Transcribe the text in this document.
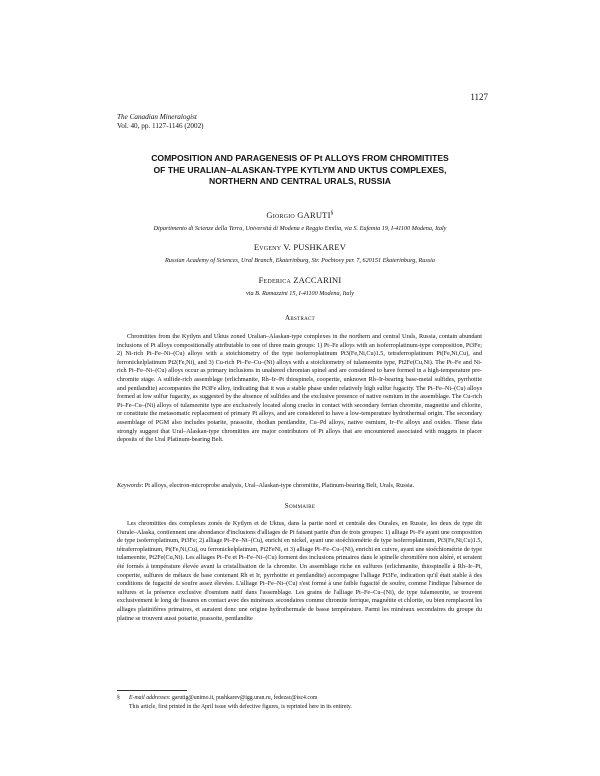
1127
The Canadian Mineralogist
Vol. 40, pp. 1127-1146 (2002)
COMPOSITION AND PARAGENESIS OF Pt ALLOYS FROM CHROMITITES
OF THE URALIAN–ALASKAN-TYPE KYTLYM AND UKTUS COMPLEXES,
NORTHERN AND CENTRAL URALS, RUSSIA
Giorgio GARUTI§
Dipartimento di Scienze della Terra, Università di Modena e Reggio Emilia, via S. Eufemia 19, I-41100 Modena, Italy
Evgeny V. PUSHKAREV
Russian Academy of Sciences, Ural Branch, Ekaterinburg, Str. Pochtovy per. 7, 620151 Ekaterinburg, Russia
Federica ZACCARINI
via B. Ramazzini 15, I-41100 Modena, Italy
Abstract

Chromitites from the Kytlym and Uktus zoned Uralian–Alaskan-type complexes in the northern and central Urals, Russia, contain abundant inclusions of Pt alloys compositionally attributable to one of three main groups: 1) Pt–Fe alloys with an isoferroplatinum-type composition, Pt3Fe; 2) Ni-rich Pt–Fe–Ni–(Cu) alloys with a stoichiometry of the type isoferroplatinum Pt3(Fe,Ni,Cu)1.5, tetraferroplatinum Pt(Fe,Ni,Cu), and ferronickelplatinum Pt2(Fe,Ni), and 3) Cu-rich Pt–Fe–Cu–(Ni) alloys with a stoichiometry of tulameenite type, Pt2Fe(Cu,Ni). The Pt–Fe and Ni-rich Pt–Fe–Ni–(Cu) alloys occur as primary inclusions in unaltered chromian spinel and are considered to have formed in a high-temperature pre-chromite stage. A sulfide-rich assemblage (erlichmanite, Rh–Ir–Pt thiospinels, cooperite, unknown Rh–Ir-bearing base-metal sulfides, pyrrhotite and pentlandite) accompanies the Pt3Fe alloy, indicating that it was a stable phase under relatively high sulfur fugacity. The Pt–Fe–Ni–(Cu) alloys formed at low sulfur fugacity, as suggested by the absence of sulfides and the exclusive presence of native osmium in the assemblage. The Cu-rich Pt–Fe–Cu–(Ni) alloys of tulameenite type are exclusively located along cracks in contact with secondary ferrian chromite, magnetite and chlorite, or constitute the metasomatic replacement of primary Pt alloys, and are considered to have a low-temperature hydrothermal origin. The secondary assemblage of PGM also includes potarite, prassoite, rhodian pentlandite, Cu–Pd alloys, native osmium, Ir–Fe alloys and oxides. These data strongly suggest that Ural–Alaskan-type chromitites are major contributors of Pt alloys that are encountered associated with nuggets in placer deposits of the Ural Platinum-bearing Belt.

Keywords: Pt alloys, electron-microprobe analysis, Ural–Alaskan-type chromitite, Platinum-bearing Belt, Urals, Russia.

Sommaire

Les chromitites des complexes zonés de Kytlym et de Uktus, dans la partie nord et centrale des Ourales, en Russie, les deux de type dit Ourale–Alaska, contiennent une abondance d'inclusions d'alliages de Pt faisant partie d'un de trois groupes: 1) alliage Pt–Fe ayant une composition de type isoferroplatinum, Pt3Fe; 2) alliage Pt–Fe–Ni–(Cu), enrichi en nickel, ayant une stoéchiométrie de type isoferroplatinum, Pt3(Fe,Ni,Cu)1.5, tétraferroplatinum, Pt(Fe,Ni,Cu), ou ferronickelplatinum, Pt2FeNi, et 3) alliage Pt–Fe–Cu–(Ni), enrichi en cuivre, ayant une stoéchiométrie de type tulameenite, Pt2Fe(Cu,Ni). Les alliages Pt–Fe et Pt–Fe–Ni–(Cu) forment des inclusions primaires dans le spinelle chromifère non altéré, et seraient été formés à température élevée avant la cristallisation de la chromite. Un assemblage riche en sulfures (erlichmanite, thiospinelle à Rh–Ir–Pt, cooperite, sulfures de métaux de base contenant Rh et Ir, pyrrhotite et pentlandite) accompagne l'alliage Pt3Fe, indication qu'il était stable à des conditions de fugacité de soufre assez élevées. L'alliage Pt–Fe–Ni–(Cu) s'est formé à une faible fugacité de soufre, comme l'indique l'absence de sulfures et la présence exclusive d'osmium natif dans l'assemblage. Les grains de l'alliage Pt–Fe–Cu–(Ni), de type tulameenite, se trouvent exclusivement le long de fissures en contact avec des minéraux secondaires comme chromite ferrique, magnétite et chlorite, ou bien remplacent les alliages platinifères primaires, et auraient donc une origine hydrothermale de basse température. Parmi les minéraux secondaires du groupe du platine se trouvent aussi potarite, prassoite, pentlandite

§ E-mail addresses: garutig@unimo.it, pushkarev@igg.uran.ru, fedezac@tsc4.com
This article, first printed in the April issue with defective figures, is reprinted here in its entirety.
